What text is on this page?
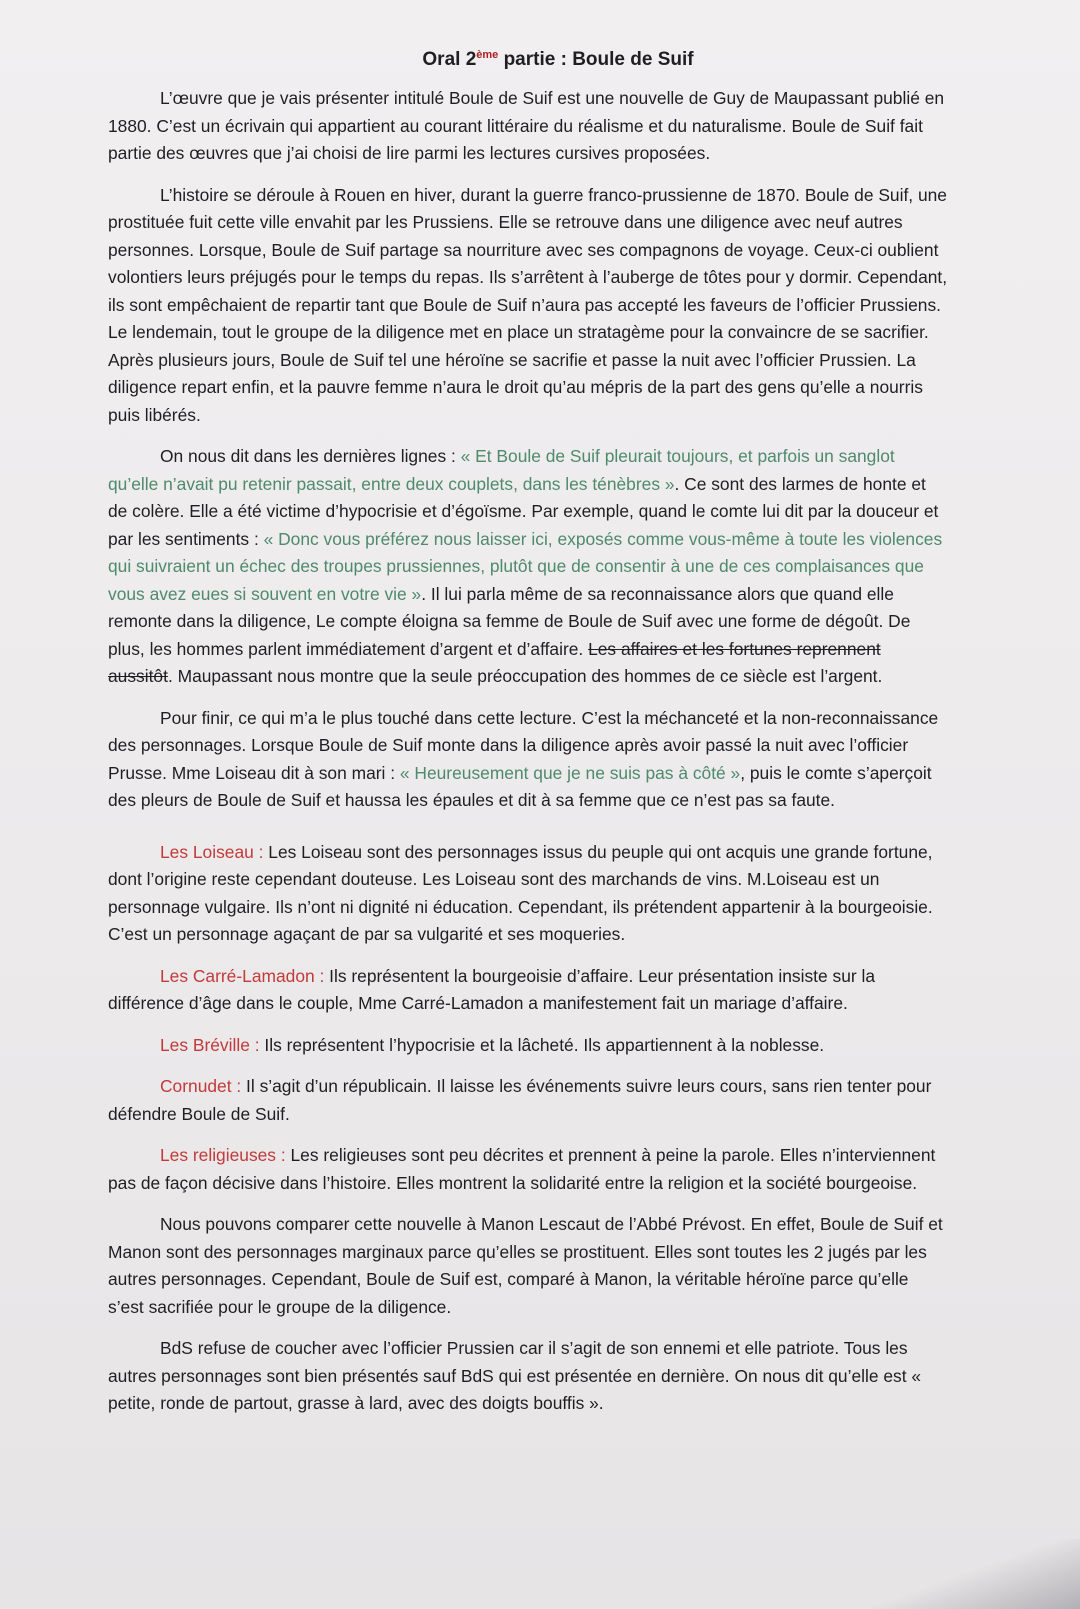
Oral 2ème partie : Boule de Suif

L’œuvre que je vais présenter intitulé Boule de Suif est une nouvelle de Guy de Maupassant publié en 1880. C’est un écrivain qui appartient au courant littéraire du réalisme et du naturalisme. Boule de Suif fait partie des œuvres que j’ai choisi de lire parmi les lectures cursives proposées.

L’histoire se déroule à Rouen en hiver, durant la guerre franco-prussienne de 1870. Boule de Suif, une prostituée fuit cette ville envahit par les Prussiens. Elle se retrouve dans une diligence avec neuf autres personnes. Lorsque, Boule de Suif partage sa nourriture avec ses compagnons de voyage. Ceux-ci oublient volontiers leurs préjugés pour le temps du repas. Ils s’arrêtent à l’auberge de tôtes pour y dormir. Cependant, ils sont empêchaient de repartir tant que Boule de Suif n’aura pas accepté les faveurs de l’officier Prussiens. Le lendemain, tout le groupe de la diligence met en place un stratagème pour la convaincre de se sacrifier. Après plusieurs jours, Boule de Suif tel une héroïne se sacrifie et passe la nuit avec l’officier Prussien. La diligence repart enfin, et la pauvre femme n’aura le droit qu’au mépris de la part des gens qu’elle a nourris puis libérés.

On nous dit dans les dernières lignes : « Et Boule de Suif pleurait toujours, et parfois un sanglot qu’elle n’avait pu retenir passait, entre deux couplets, dans les ténèbres ». Ce sont des larmes de honte et de colère. Elle a été victime d’hypocrisie et d’égoïsme. Par exemple, quand le comte lui dit par la douceur et par les sentiments : « Donc vous préférez nous laisser ici, exposés comme vous-même à toute les violences qui suivraient un échec des troupes prussiennes, plutôt que de consentir à une de ces complaisances que vous avez eues si souvent en votre vie ». Il lui parla même de sa reconnaissance alors que quand elle remonte dans la diligence, Le compte éloigna sa femme de Boule de Suif avec une forme de dégoût. De plus, les hommes parlent immédiatement d’argent et d’affaire. Les affaires et les fortunes reprennent aussitôt. Maupassant nous montre que la seule préoccupation des hommes de ce siècle est l’argent.

Pour finir, ce qui m’a le plus touché dans cette lecture. C’est la méchanceté et la non-reconnaissance des personnages. Lorsque Boule de Suif monte dans la diligence après avoir passé la nuit avec l’officier Prusse. Mme Loiseau dit à son mari : « Heureusement que je ne suis pas à côté », puis le comte s’aperçoit des pleurs de Boule de Suif et haussa les épaules et dit à sa femme que ce n’est pas sa faute.

Les Loiseau : Les Loiseau sont des personnages issus du peuple qui ont acquis une grande fortune, dont l’origine reste cependant douteuse. Les Loiseau sont des marchands de vins. M.Loiseau est un personnage vulgaire. Ils n’ont ni dignité ni éducation. Cependant, ils prétendent appartenir à la bourgeoisie. C’est un personnage agaçant de par sa vulgarité et ses moqueries.

Les Carré-Lamadon : Ils représentent la bourgeoisie d’affaire. Leur présentation insiste sur la différence d’âge dans le couple, Mme Carré-Lamadon a manifestement fait un mariage d’affaire.

Les Bréville : Ils représentent l’hypocrisie et la lâcheté. Ils appartiennent à la noblesse.

Cornudet : Il s’agit d’un républicain. Il laisse les événements suivre leurs cours, sans rien tenter pour défendre Boule de Suif.

Les religieuses : Les religieuses sont peu décrites et prennent à peine la parole. Elles n’interviennent pas de façon décisive dans l’histoire. Elles montrent la solidarité entre la religion et la société bourgeoise.

Nous pouvons comparer cette nouvelle à Manon Lescaut de l’Abbé Prévost. En effet, Boule de Suif et Manon sont des personnages marginaux parce qu’elles se prostituent. Elles sont toutes les 2 jugés par les autres personnages. Cependant, Boule de Suif est, comparé à Manon, la véritable héroïne parce qu’elle s’est sacrifiée pour le groupe de la diligence.

BdS refuse de coucher avec l’officier Prussien car il s’agit de son ennemi et elle patriote. Tous les autres personnages sont bien présentés sauf BdS qui est présentée en dernière. On nous dit qu’elle est « petite, ronde de partout, grasse à lard, avec des doigts bouffis ».
